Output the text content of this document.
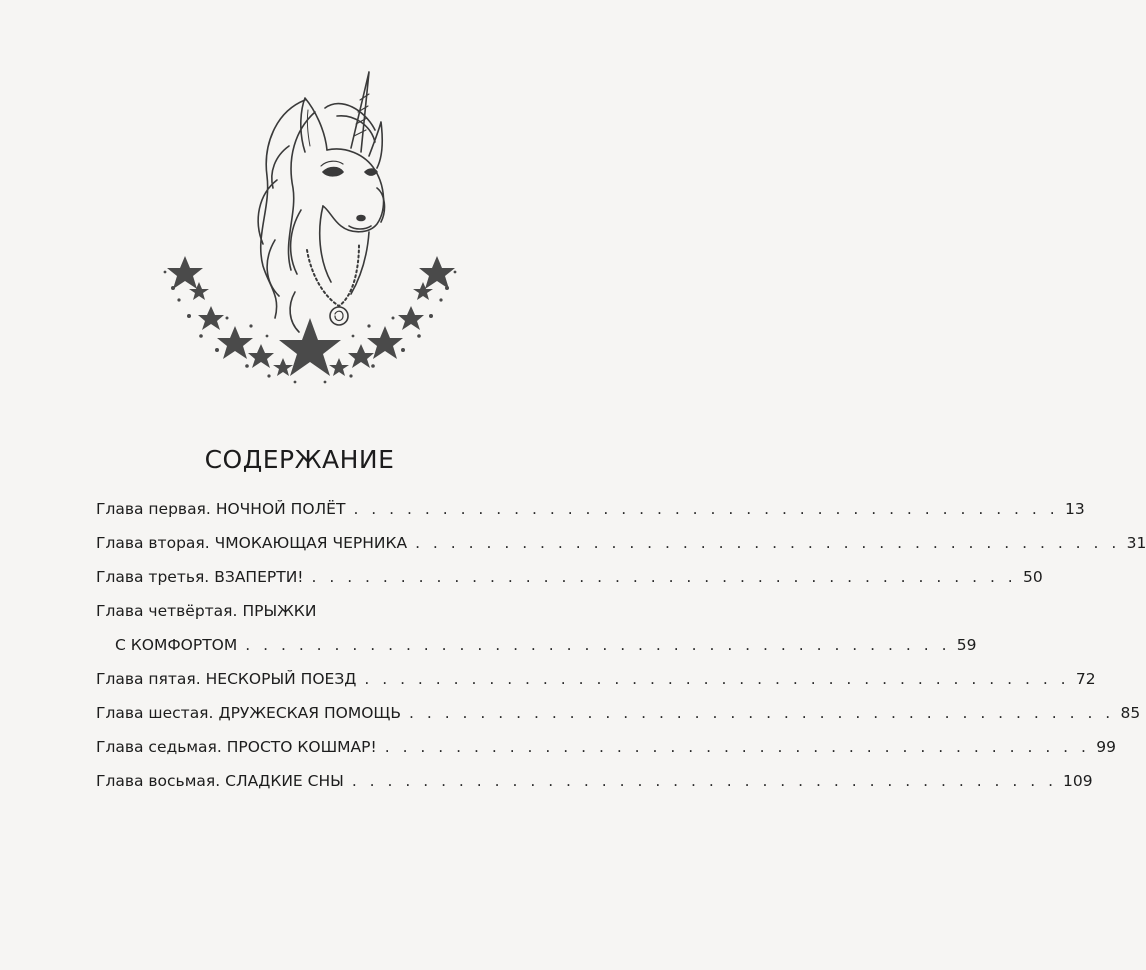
СОДЕРЖАНИЕ
Глава первая. НОЧНОЙ ПОЛЁТ . . . . . . . . . . . . . . . . . . . . . . . . . . . . . . . . . . . . . . . . 13
Глава вторая. ЧМОКАЮЩАЯ ЧЕРНИКА . . . . . . . . . . . . . . . . . . . . . . . . . . . . . . . . . . . . . . . . 31
Глава третья. ВЗАПЕРТИ! . . . . . . . . . . . . . . . . . . . . . . . . . . . . . . . . . . . . . . . . 50
Глава четвёртая. ПРЫЖКИ
С КОМФОРТОМ . . . . . . . . . . . . . . . . . . . . . . . . . . . . . . . . . . . . . . . . 59
Глава пятая. НЕСКОРЫЙ ПОЕЗД . . . . . . . . . . . . . . . . . . . . . . . . . . . . . . . . . . . . . . . . 72
Глава шестая. ДРУЖЕСКАЯ ПОМОЩЬ . . . . . . . . . . . . . . . . . . . . . . . . . . . . . . . . . . . . . . . . 85
Глава седьмая. ПРОСТО КОШМАР! . . . . . . . . . . . . . . . . . . . . . . . . . . . . . . . . . . . . . . . . 99
Глава восьмая. СЛАДКИЕ СНЫ . . . . . . . . . . . . . . . . . . . . . . . . . . . . . . . . . . . . . . . . 109
